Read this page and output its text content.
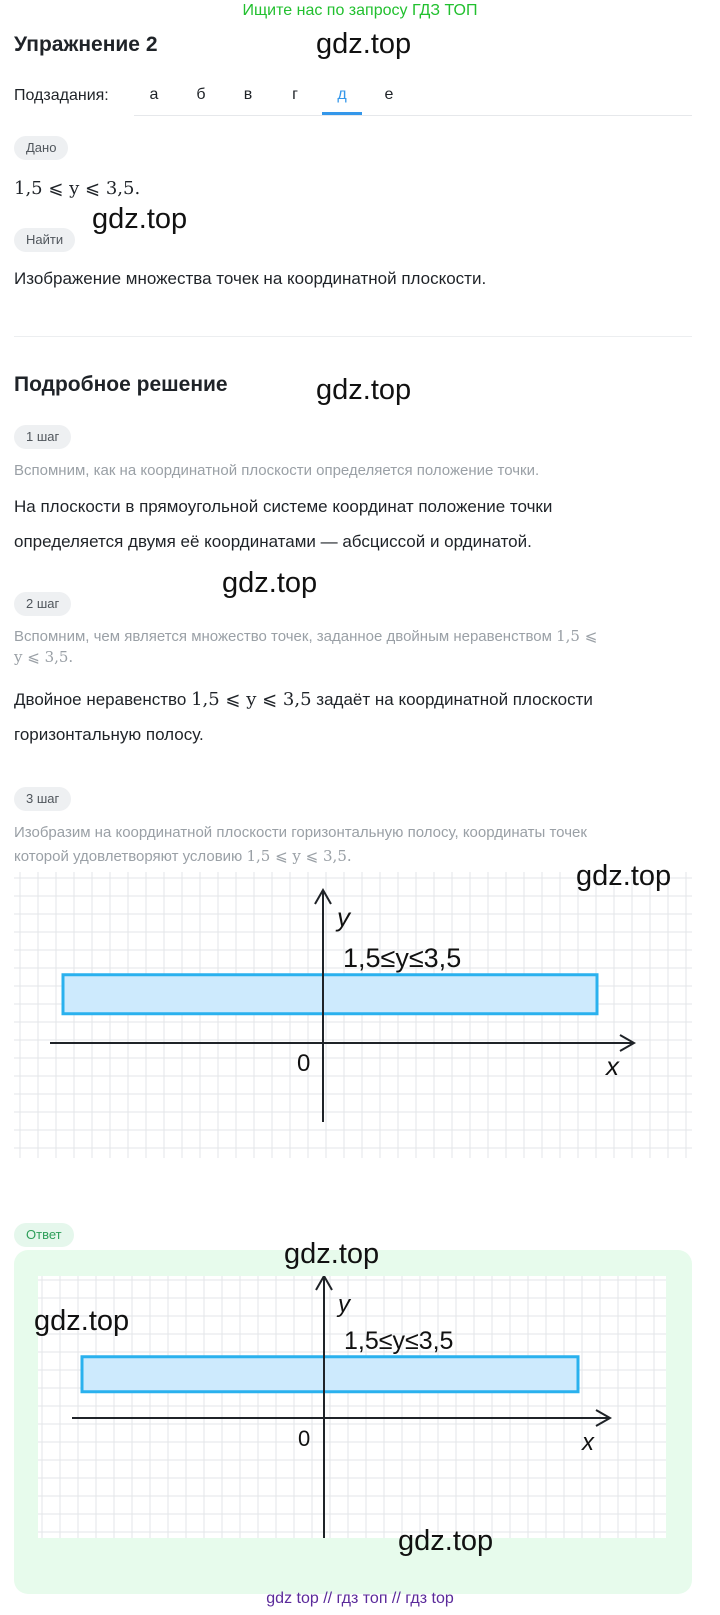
Ищите нас по запросу ГДЗ ТОП
Упражнение 2	gdz.top
Подзадания:	а	б	в	г	д	е
Дано
1,5 ⩽ y ⩽ 3,5.
gdz.top
Найти
Изображение множества точек на координатной плоскости.
Подробное решение	gdz.top
1 шаг
Вспомним, как на координатной плоскости определяется положение точки.
На плоскости в прямоугольной системе координат положение точки
определяется двумя её координатами — абсциссой и ординатой.
2 шаг
gdz.top
Вспомним, чем является множество точек, заданное двойным неравенством 1,5 ⩽
y ⩽ 3,5.
Двойное неравенство 1,5 ⩽ y ⩽ 3,5 задаёт на координатной плоскости
горизонтальную полосу.
3 шаг
Изобразим на координатной плоскости горизонтальную полосу, координаты точек
которой удовлетворяют условию 1,5 ⩽ y ⩽ 3,5.
y
x
0
1,5≤y≤3,5
gdz.top
Ответ
y
x
0
1,5≤y≤3,5
gdz.top
gdz.top
gdz.top
gdz top // гдз топ // гдз top
